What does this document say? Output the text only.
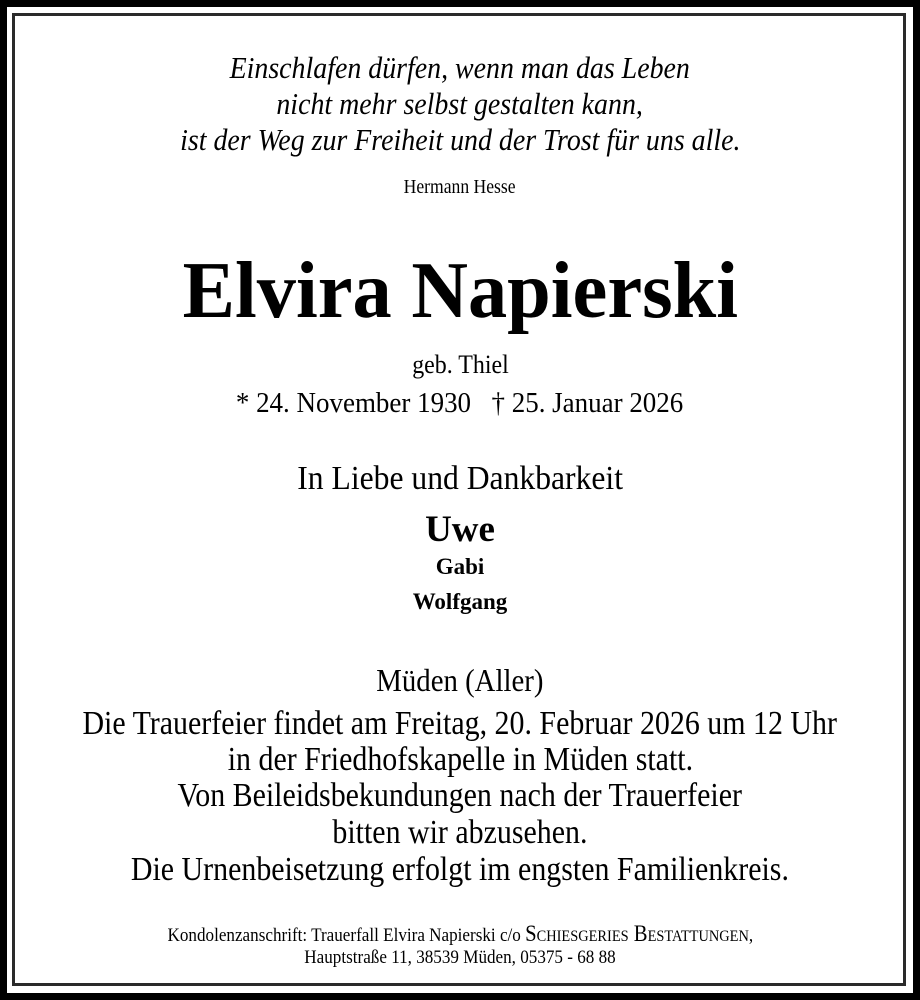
Einschlafen dürfen, wenn man das Leben
nicht mehr selbst gestalten kann,
ist der Weg zur Freiheit und der Trost für uns alle.
Hermann Hesse
Elvira Napierski
geb. Thiel
* 24. November 1930 † 25. Januar 2026
In Liebe und Dankbarkeit
Uwe
Gabi
Wolfgang
Müden (Aller)
Die Trauerfeier findet am Freitag, 20. Februar 2026 um 12 Uhr
in der Friedhofskapelle in Müden statt.
Von Beileidsbekundungen nach der Trauerfeier
bitten wir abzusehen.
Die Urnenbeisetzung erfolgt im engsten Familienkreis.
Kondolenzanschrift: Trauerfall Elvira Napierski c/o Schiesgeries Bestattungen,
Hauptstraße 11, 38539 Müden, 05375 - 68 88
